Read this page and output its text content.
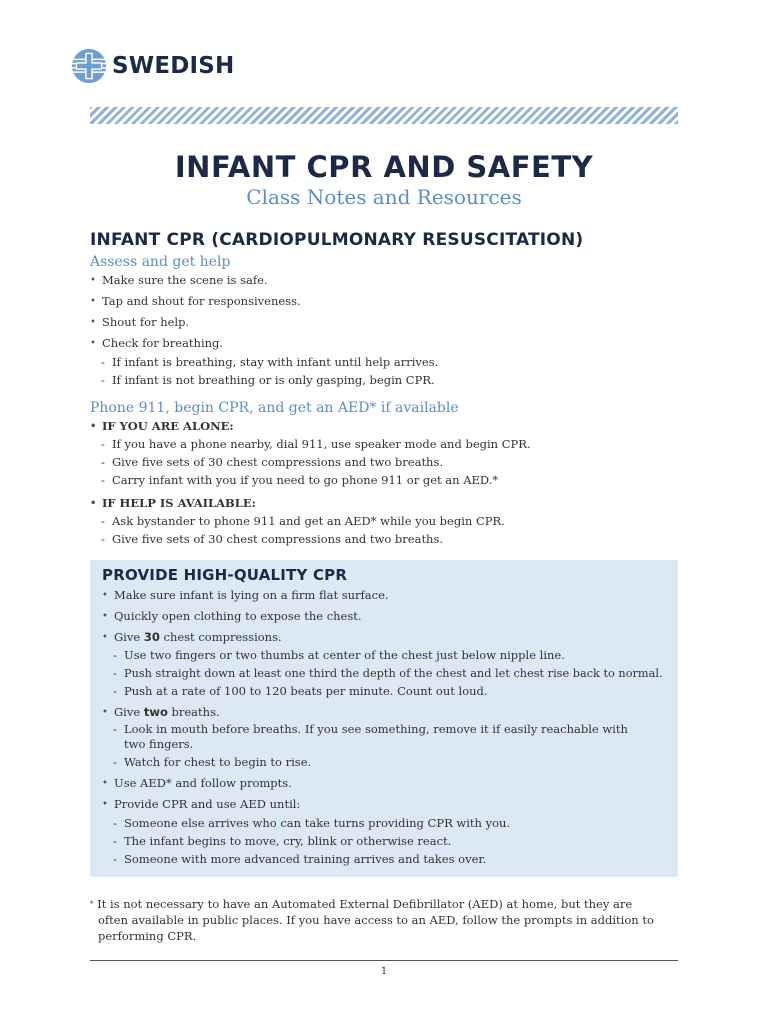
SWEDISH
INFANT CPR AND SAFETY
Class Notes and Resources
INFANT CPR (CARDIOPULMONARY RESUSCITATION)
Assess and get help
• Make sure the scene is safe.
• Tap and shout for responsiveness.
• Shout for help.
• Check for breathing.
- If infant is breathing, stay with infant until help arrives.
- If infant is not breathing or is only gasping, begin CPR.
Phone 911, begin CPR, and get an AED* if available
• IF YOU ARE ALONE:
- If you have a phone nearby, dial 911, use speaker mode and begin CPR.
- Give five sets of 30 chest compressions and two breaths.
- Carry infant with you if you need to go phone 911 or get an AED.*
• IF HELP IS AVAILABLE:
- Ask bystander to phone 911 and get an AED* while you begin CPR.
- Give five sets of 30 chest compressions and two breaths.
PROVIDE HIGH-QUALITY CPR
• Make sure infant is lying on a firm flat surface.
• Quickly open clothing to expose the chest.
• Give 30 chest compressions.
- Use two fingers or two thumbs at center of the chest just below nipple line.
- Push straight down at least one third the depth of the chest and let chest rise back to normal.
- Push at a rate of 100 to 120 beats per minute. Count out loud.
• Give two breaths.
- Look in mouth before breaths. If you see something, remove it if easily reachable with
two fingers.
- Watch for chest to begin to rise.
• Use AED* and follow prompts.
• Provide CPR and use AED until:
- Someone else arrives who can take turns providing CPR with you.
- The infant begins to move, cry, blink or otherwise react.
- Someone with more advanced training arrives and takes over.
* It is not necessary to have an Automated External Defibrillator (AED) at home, but they are often available in public places. If you have access to an AED, follow the prompts in addition to performing CPR.
1
